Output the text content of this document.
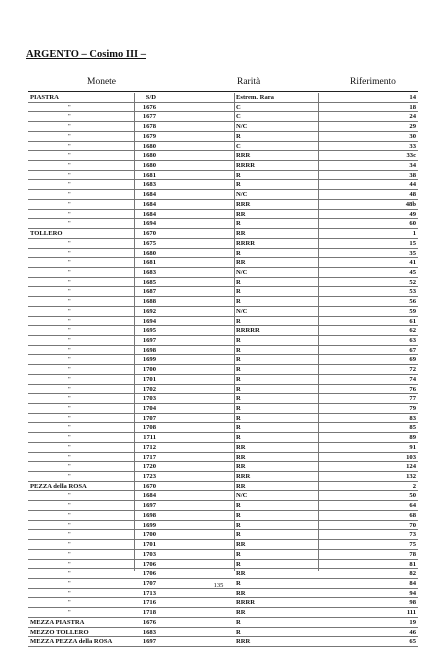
ARGENTO – Cosimo III –
Monete	Rarità	Riferimento
PIASTRA	S/D	Estrem. Rara	14
"	1676	C	18
"	1677	C	24
"	1678	N/C	29
"	1679	R	30
"	1680	C	33
"	1680	RRR	33c
"	1680	RRRR	34
"	1681	R	38
"	1683	R	44
"	1684	N/C	48
"	1684	RRR	48b
"	1684	RR	49
"	1694	R	60
TOLLERO	1670	RR	1
"	1675	RRRR	15
"	1680	R	35
"	1681	RR	41
"	1683	N/C	45
"	1685	R	52
"	1687	R	53
"	1688	R	56
"	1692	N/C	59
"	1694	R	61
"	1695	RRRRR	62
"	1697	R	63
"	1698	R	67
"	1699	R	69
"	1700	R	72
"	1701	R	74
"	1702	R	76
"	1703	R	77
"	1704	R	79
"	1707	R	83
"	1708	R	85
"	1711	R	89
"	1712	RR	91
"	1717	RR	103
"	1720	RR	124
"	1723	RRR	132
PEZZA della ROSA	1670	RR	2
"	1684	N/C	50
"	1697	R	64
"	1698	R	68
"	1699	R	70
"	1700	R	73
"	1701	RR	75
"	1703	R	78
"	1706	R	81
"	1706	RR	82
"	1707	R	84
"	1713	RR	94
"	1716	RRRR	98
"	1718	RR	111
MEZZA PIASTRA	1676	R	19
MEZZO TOLLERO	1683	R	46
MEZZA PEZZA della ROSA	1697	RRR	65
135
